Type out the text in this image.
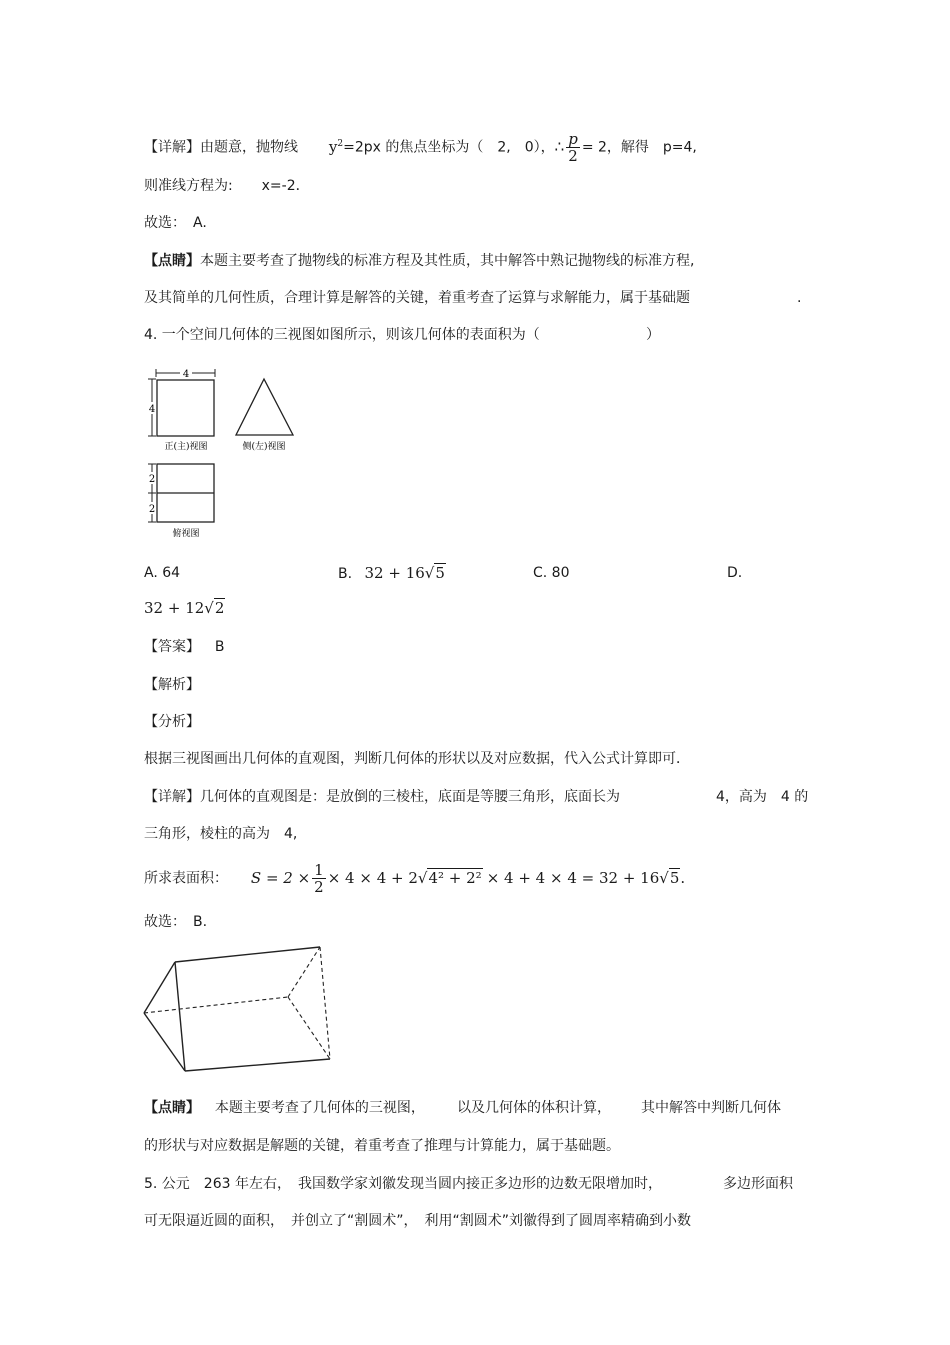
【详解】由题意，抛物线 $y^2=2px$ 的焦点坐标为（　2,　0），∴ $\frac{p}{2} = 2$，解得　p=4,
则准线方程为: x=-2．
故选：　A.
【点睛】本题主要考查了抛物线的标准方程及其性质，其中解答中熟记抛物线的标准方程,
及其简单的几何性质，合理计算是解答的关键，着重考查了运算与求解能力，属于基础题	.
4. 一个空间几何体的三视图如图所示，则该几何体的表面积为（	）
4
4
正(主)视图	侧(左)视图
2
2
俯视图
A. 64	B. 32 + 16√5	C. 80	D.
32 + 12√2
【答案】 B
【解析】
【分析】
根据三视图画出几何体的直观图，判断几何体的形状以及对应数据，代入公式计算即可．
【详解】几何体的直观图是：是放倒的三棱柱，底面是等腰三角形，底面长为	4，高为　4 的
三角形，棱柱的高为　4,
所求表面积： $S = 2 \times \frac{1}{2} \times 4 \times 4 + 2√4^2 + 2^2 \times 4 + 4 \times 4 = 32 + 16√5$.
故选：　B.
【点睛】 本题主要考查了几何体的三视图， 以及几何体的体积计算， 其中解答中判断几何体
的形状与对应数据是解题的关键，着重考查了推理与计算能力，属于基础题。
5. 公元　263 年左右，　我国数学家刘徽发现当圆内接正多边形的边数无限增加时，	多边形面积
可无限逼近圆的面积，　并创立了“割圆术”，　利用“割圆术”刘徽得到了圆周率精确到小数
